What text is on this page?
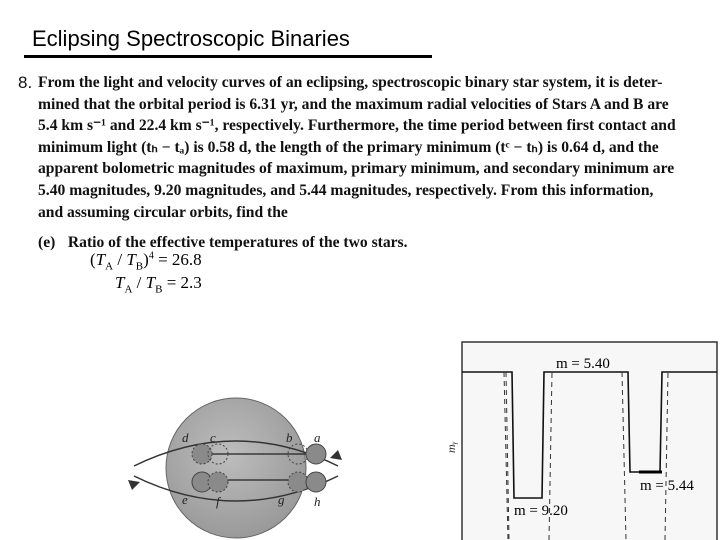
Eclipsing Spectroscopic Binaries
8. From the light and velocity curves of an eclipsing, spectroscopic binary star system, it is deter-
mined that the orbital period is 6.31 yr, and the maximum radial velocities of Stars A and B are
5.4 km s⁻¹ and 22.4 km s⁻¹, respectively. Furthermore, the time period between first contact and
minimum light (tₕ − tₐ) is 0.58 d, the length of the primary minimum (tᶜ − tₕ) is 0.64 d, and the
apparent bolometric magnitudes of maximum, primary minimum, and secondary minimum are
5.40 magnitudes, 9.20 magnitudes, and 5.44 magnitudes, respectively. From this information,
and assuming circular orbits, find the
(e) Ratio of the effective temperatures of the two stars.
$(T_A / T_B)^4 = 26.8$
$T_A / T_B = 2.3$
d c	b a
e f	g h
mᵧ
m = 5.40
m = 9.20
m = 5.44
